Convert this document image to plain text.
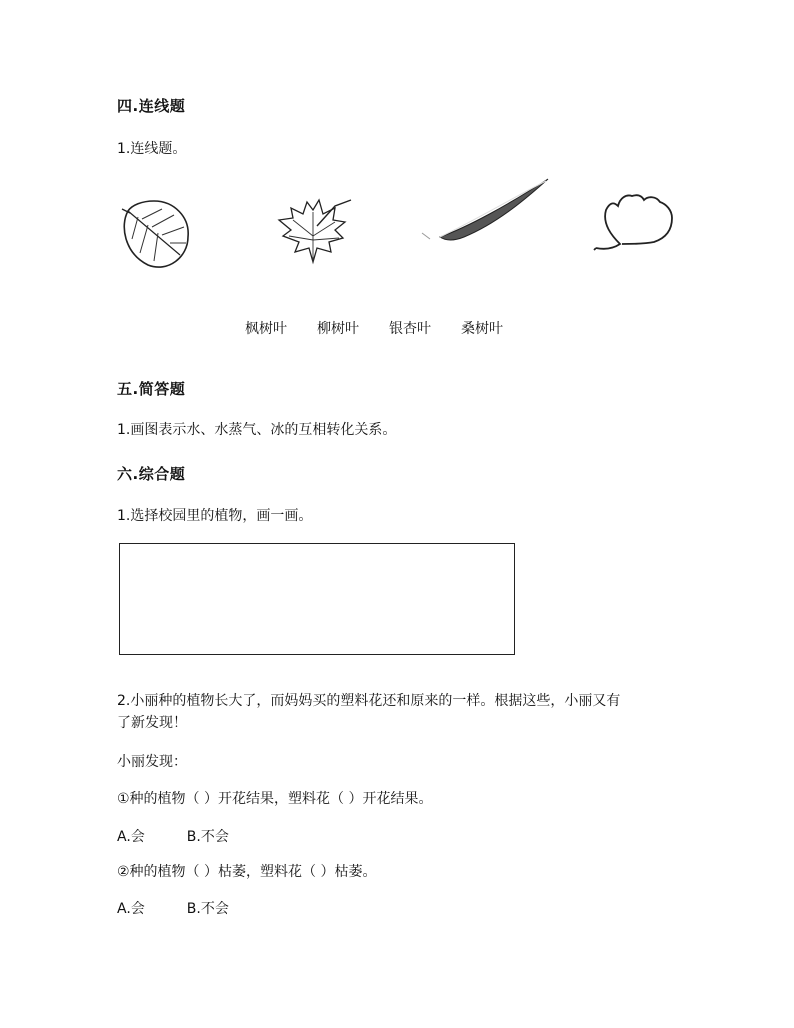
四.连线题
1.连线题。
枫树叶 柳树叶 银杏叶 桑树叶
五.简答题
1.画图表示水、水蒸气、冰的互相转化关系。
六.综合题
1.选择校园里的植物，画一画。
2.小丽种的植物长大了，而妈妈买的塑料花还和原来的一样。根据这些，小丽又有
了新发现！
小丽发现：
①种的植物（ ）开花结果，塑料花（ ）开花结果。
A.会	B.不会
②种的植物（ ）枯萎，塑料花（ ）枯萎。
A.会	B.不会
